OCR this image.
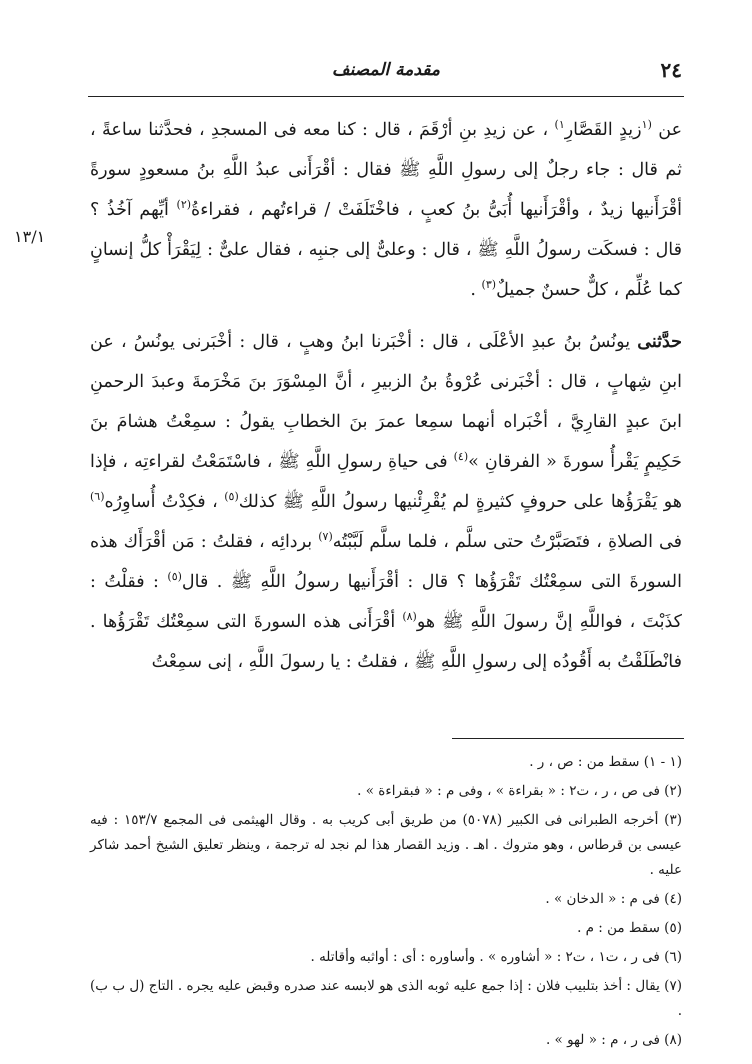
٢٤
مقدمة المصنف
١٣/١

عن $^{(١}$زيدٍ القَصَّارِ$^{١)}$ ، عن زيدِ بنِ أرْقَمَ ، قال : كنا معه فى المسجدِ ، فحدَّثنا ساعةً ، ثم قال : جاء رجلٌ إلى رسولِ اللَّهِ ﷺ فقال : أقْرَأَنى عبدُ اللَّهِ بنُ مسعودٍ سورةً أقْرَأَنيها زيدٌ ، وأقْرَأَنيها أُبَىُّ بنُ كعبٍ ، فاخْتَلَفَتْ / قراءتُهم ، فقراءةُ$^{(٢)}$ أيِّهم آخُذُ ؟ قال : فسكَت رسولُ اللَّهِ ﷺ ، قال : وعلىٌّ إلى جنبِه ، فقال علىٌّ : لِيَقْرَأْ كلُّ إنسانٍ كما عُلِّم ، كلٌّ حسنٌ جميلٌ$^{(٣)}$ .

حدَّثنى يونُسُ بنُ عبدِ الأعْلَى ، قال : أخْبَرنا ابنُ وهبٍ ، قال : أخْبَرنى يونُسُ ، عن ابنِ شِهابٍ ، قال : أخْبَرنى عُرْوةُ بنُ الزبيرِ ، أنَّ المِسْوَرَ بنَ مَخْرَمةَ وعبدَ الرحمنِ ابنَ عبدٍ القارِيَّ ، أخْبَراه أنهما سمِعا عمرَ بنَ الخطابِ يقولُ : سمِعْتُ هشامَ بنَ حَكِيمٍ يَقْرأُ سورةَ « الفرقانِ »$^{(٤)}$ فى حياةِ رسولِ اللَّهِ ﷺ ، فاسْتَمَعْتُ لقراءتِه ، فإذا هو يَقْرَؤُها على حروفٍ كثيرةٍ لم يُقْرِئْنيها رسولُ اللَّهِ ﷺ كذلك$^{(٥)}$ ، فكِدْتُ أُساوِرُه$^{(٦)}$ فى الصلاةِ ، فتَصَبَّرْتُ حتى سلَّم ، فلما سلَّم لَبَّبْتُه$^{(٧)}$ بردائِه ، فقلتُ : مَن أقْرَأَك هذه السورةَ التى سمِعْتُك تَقْرَؤُها ؟ قال : أقْرَأَنيها رسولُ اللَّهِ ﷺ . قال$^{(٥)}$ : فقلْتُ : كذَبْتَ ، فواللَّهِ إنَّ رسولَ اللَّهِ ﷺ هو$^{(٨)}$ أقْرَأَنى هذه السورةَ التى سمِعْتُك تَقْرَؤُها . فانْطَلَقْتُ به أَقُودُه إلى رسولِ اللَّهِ ﷺ ، فقلتُ : يا رسولَ اللَّهِ ، إنى سمِعْتُ

(١ - ١) سقط من : ص ، ر .
(٢) فى ص ، ر ، ت٢ : « بقراءة » ، وفى م : « فبقراءة » .
(٣) أخرجه الطبرانى فى الكبير (٥٠٧٨) من طريق أبى كريب به . وقال الهيثمى فى المجمع ١٥٣/٧ : فيه عيسى بن قرطاس ، وهو متروك . اهـ . وزيد القصار هذا لم نجد له ترجمة ، وينظر تعليق الشيخ أحمد شاكر عليه .
(٤) فى م : « الدخان » .
(٥) سقط من : م .
(٦) فى ر ، ت١ ، ت٢ : « أشاوره » . وأساوره : أى : أواثبه وأقاتله .
(٧) يقال : أخذ بتلبيب فلان : إذا جمع عليه ثوبه الذى هو لابسه عند صدره وقبض عليه يجره . التاج (ل ب ب) .
(٨) فى ر ، م : « لهو » .
